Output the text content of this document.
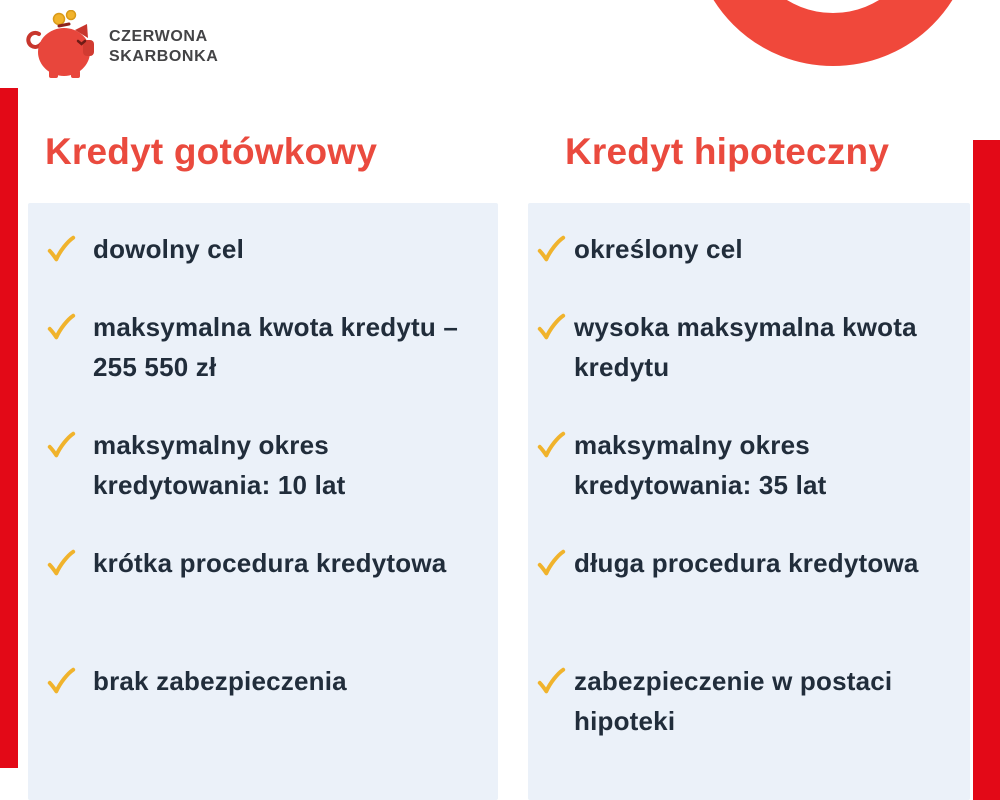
CZERWONA
SKARBONKA
Kredyt gotówkowy

dowolny cel

maksymalna kwota kredytu – 255 550 zł

maksymalny okres kredytowania: 10 lat

krótka procedura kredytowa

brak zabezpieczenia

Kredyt hipoteczny

określony cel

wysoka maksymalna kwota kredytu

maksymalny okres kredytowania: 35 lat

długa procedura kredytowa

zabezpieczenie w postaci hipoteki
